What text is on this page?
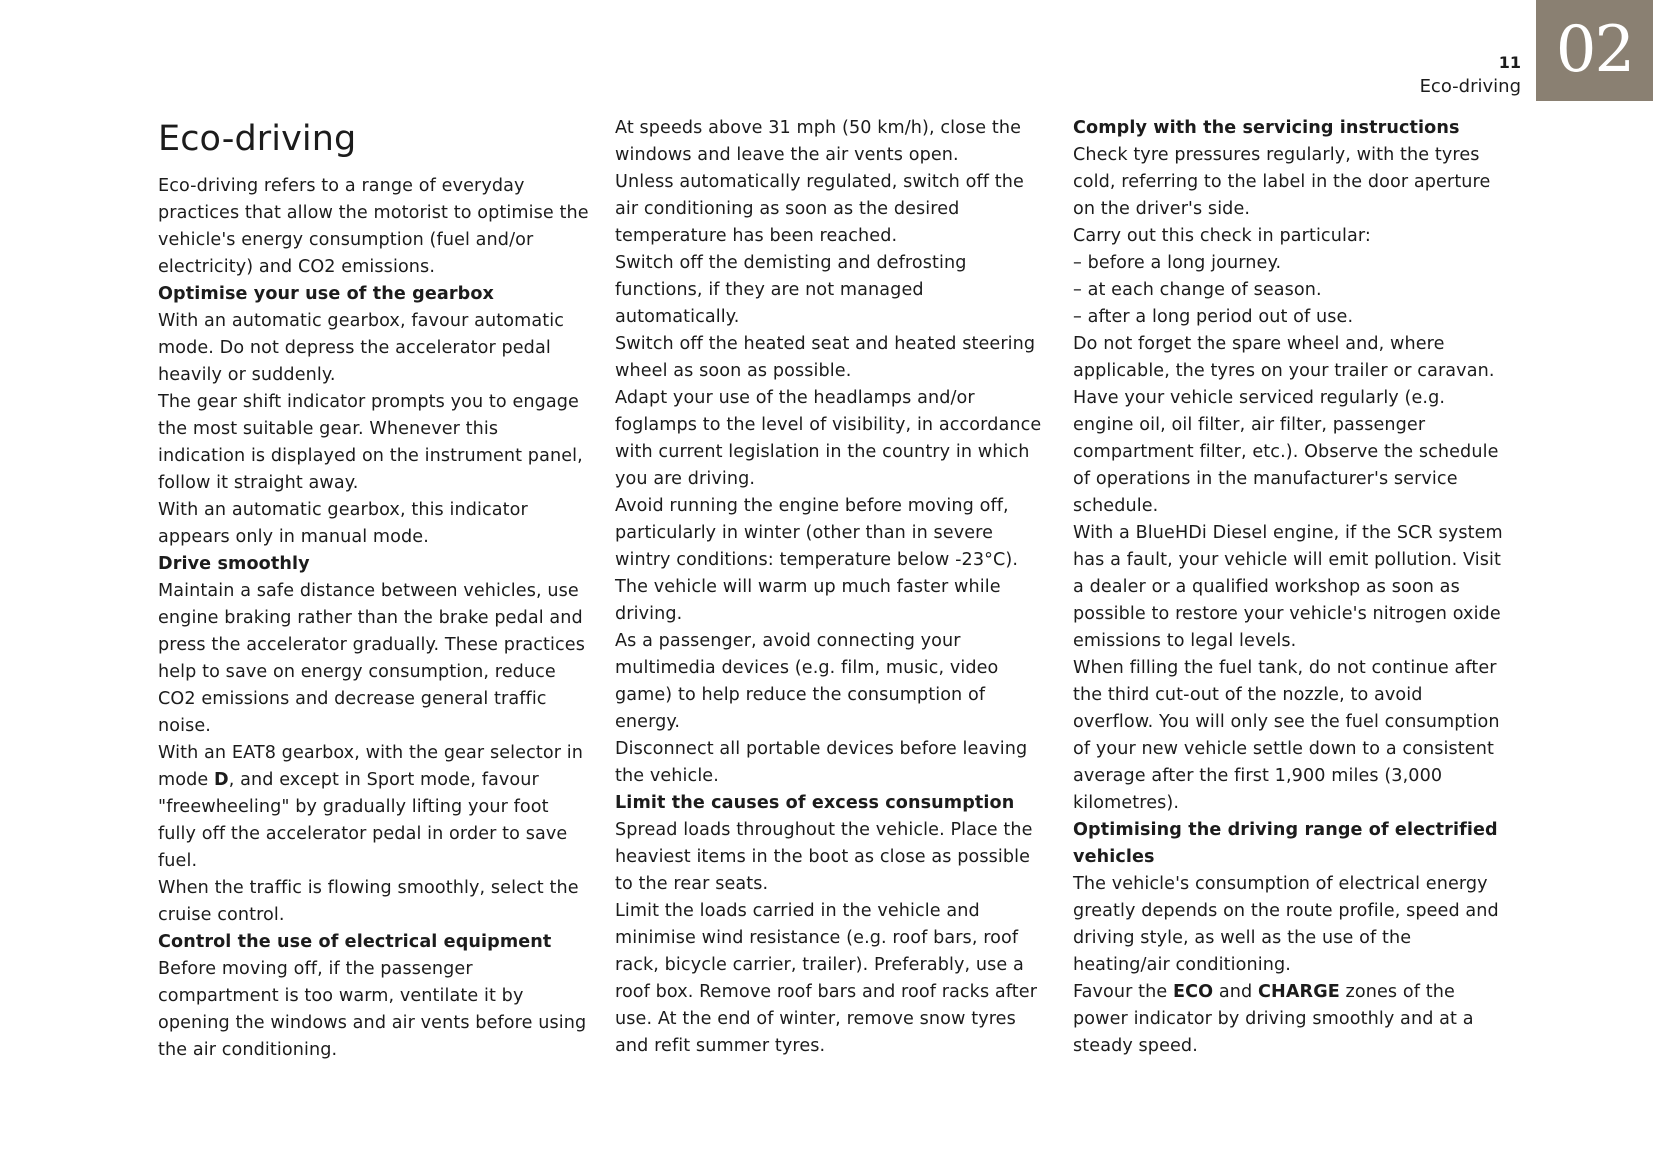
02
11
Eco-driving
Eco-driving

Eco-driving refers to a range of everyday practices that allow the motorist to optimise the vehicle's energy consumption (fuel and/or electricity) and CO2 emissions.

Optimise your use of the gearbox

With an automatic gearbox, favour automatic mode. Do not depress the accelerator pedal heavily or suddenly.

The gear shift indicator prompts you to engage the most suitable gear. Whenever this indication is displayed on the instrument panel, follow it straight away.

With an automatic gearbox, this indicator appears only in manual mode.

Drive smoothly

Maintain a safe distance between vehicles, use engine braking rather than the brake pedal and press the accelerator gradually. These practices help to save on energy consumption, reduce CO2 emissions and decrease general traffic noise.

With an EAT8 gearbox, with the gear selector in mode D, and except in Sport mode, favour "freewheeling" by gradually lifting your foot fully off the accelerator pedal in order to save fuel.

When the traffic is flowing smoothly, select the cruise control.

Control the use of electrical equipment

Before moving off, if the passenger compartment is too warm, ventilate it by opening the windows and air vents before using the air conditioning.

At speeds above 31 mph (50 km/h), close the windows and leave the air vents open.

Unless automatically regulated, switch off the air conditioning as soon as the desired temperature has been reached.

Switch off the demisting and defrosting functions, if they are not managed automatically.

Switch off the heated seat and heated steering wheel as soon as possible.

Adapt your use of the headlamps and/or foglamps to the level of visibility, in accordance with current legislation in the country in which you are driving.

Avoid running the engine before moving off, particularly in winter (other than in severe wintry conditions: temperature below -23°C). The vehicle will warm up much faster while driving.

As a passenger, avoid connecting your multimedia devices (e.g. film, music, video game) to help reduce the consumption of energy.

Disconnect all portable devices before leaving the vehicle.

Limit the causes of excess consumption

Spread loads throughout the vehicle. Place the heaviest items in the boot as close as possible to the rear seats.

Limit the loads carried in the vehicle and minimise wind resistance (e.g. roof bars, roof rack, bicycle carrier, trailer). Preferably, use a roof box. Remove roof bars and roof racks after use. At the end of winter, remove snow tyres and refit summer tyres.

Comply with the servicing instructions

Check tyre pressures regularly, with the tyres cold, referring to the label in the door aperture on the driver's side.

Carry out this check in particular:

– before a long journey.

– at each change of season.

– after a long period out of use.

Do not forget the spare wheel and, where applicable, the tyres on your trailer or caravan.

Have your vehicle serviced regularly (e.g. engine oil, oil filter, air filter, passenger compartment filter, etc.). Observe the schedule of operations in the manufacturer's service schedule.

With a BlueHDi Diesel engine, if the SCR system has a fault, your vehicle will emit pollution. Visit a dealer or a qualified workshop as soon as possible to restore your vehicle's nitrogen oxide emissions to legal levels.

When filling the fuel tank, do not continue after the third cut-out of the nozzle, to avoid overflow. You will only see the fuel consumption of your new vehicle settle down to a consistent average after the first 1,900 miles (3,000 kilometres).

Optimising the driving range of electrified vehicles

The vehicle's consumption of electrical energy greatly depends on the route profile, speed and driving style, as well as the use of the heating/air conditioning.

Favour the ECO and CHARGE zones of the power indicator by driving smoothly and at a steady speed.
